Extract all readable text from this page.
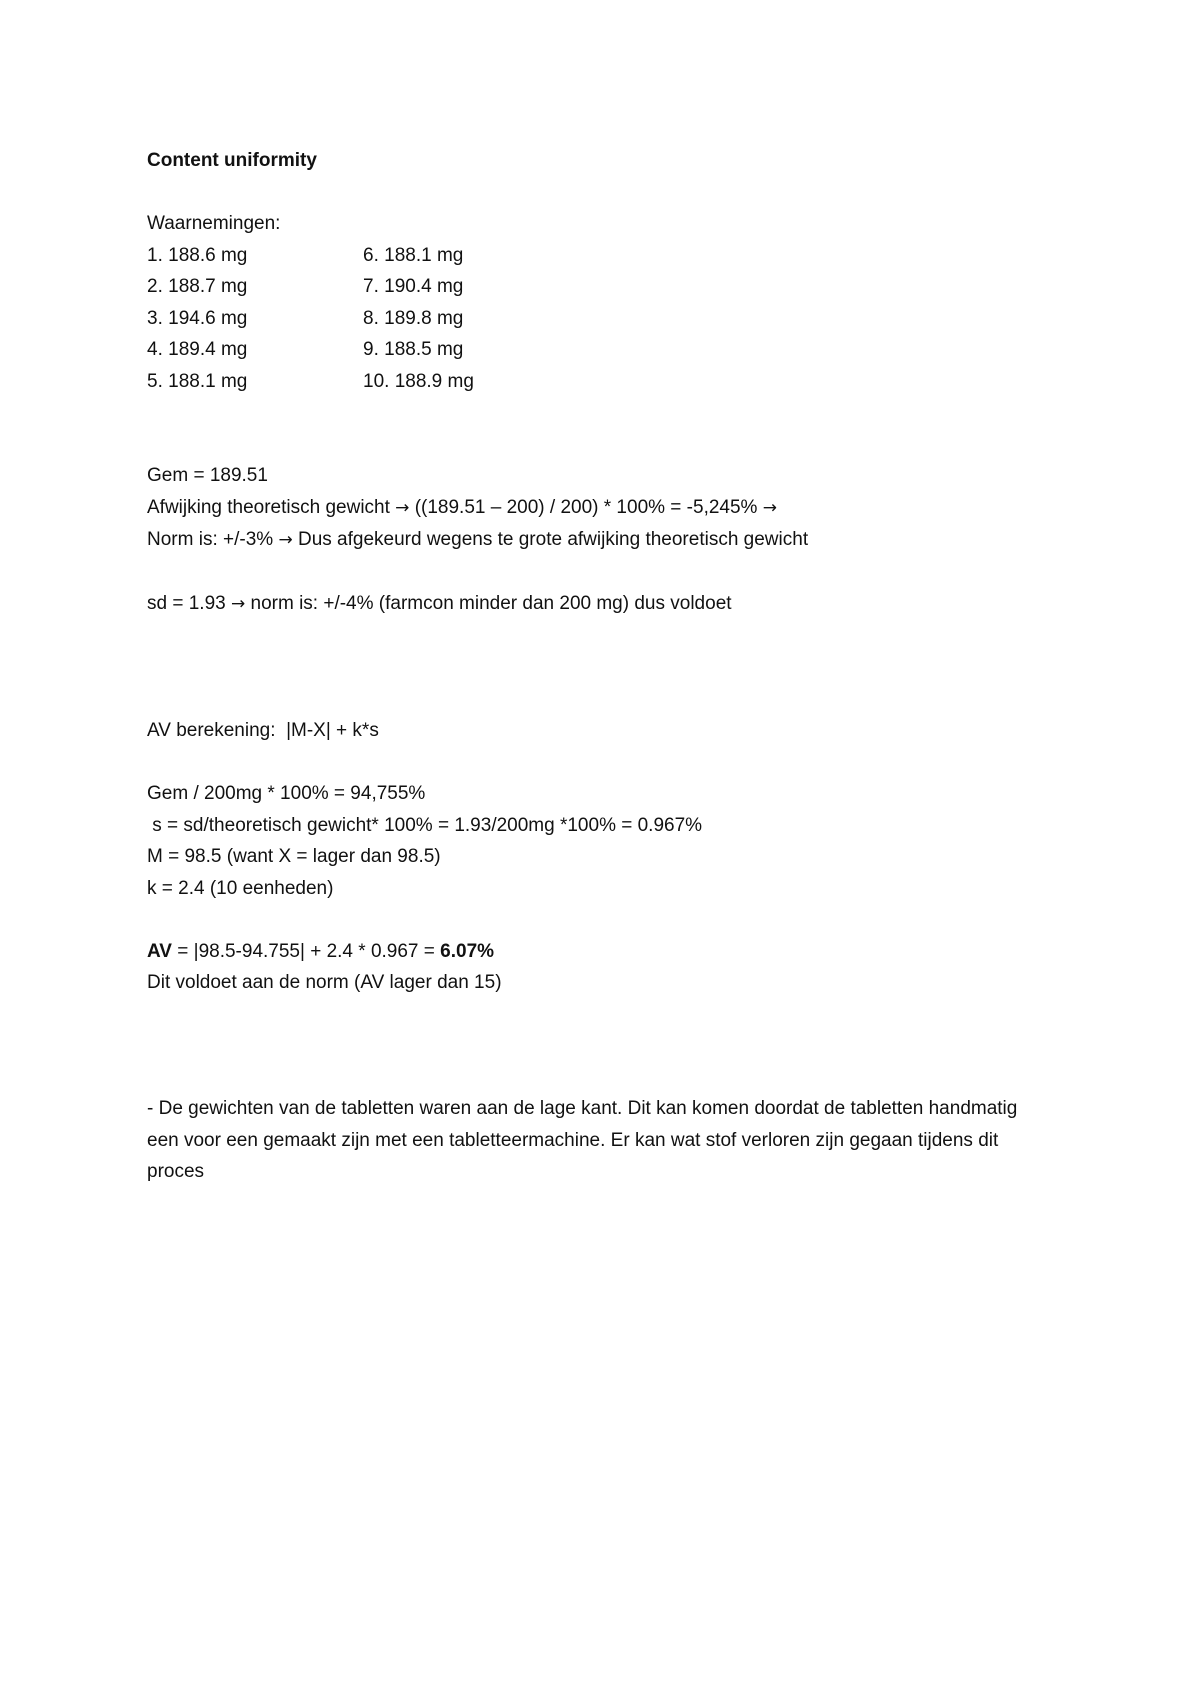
Content uniformity
Waarnemingen:
1. 188.6 mg	6. 188.1 mg
2. 188.7 mg	7. 190.4 mg
3. 194.6 mg	8. 189.8 mg
4. 189.4 mg	9. 188.5 mg
5. 188.1 mg	10. 188.9 mg
Gem = 189.51
Afwijking theoretisch gewicht → ((189.51 – 200) / 200) * 100% = -5,245% →
Norm is: +/-3% → Dus afgekeurd wegens te grote afwijking theoretisch gewicht
sd = 1.93 → norm is: +/-4% (farmcon minder dan 200 mg) dus voldoet
AV berekening:  |M-X| + k*s
Gem / 200mg * 100% = 94,755%
s = sd/theoretisch gewicht* 100% = 1.93/200mg *100% = 0.967%
M = 98.5 (want X = lager dan 98.5)
k = 2.4 (10 eenheden)
AV = |98.5-94.755| + 2.4 * 0.967 = 6.07%
Dit voldoet aan de norm (AV lager dan 15)
- De gewichten van de tabletten waren aan de lage kant. Dit kan komen doordat de tabletten handmatig een voor een gemaakt zijn met een tabletteermachine. Er kan wat stof verloren zijn gegaan tijdens dit proces
